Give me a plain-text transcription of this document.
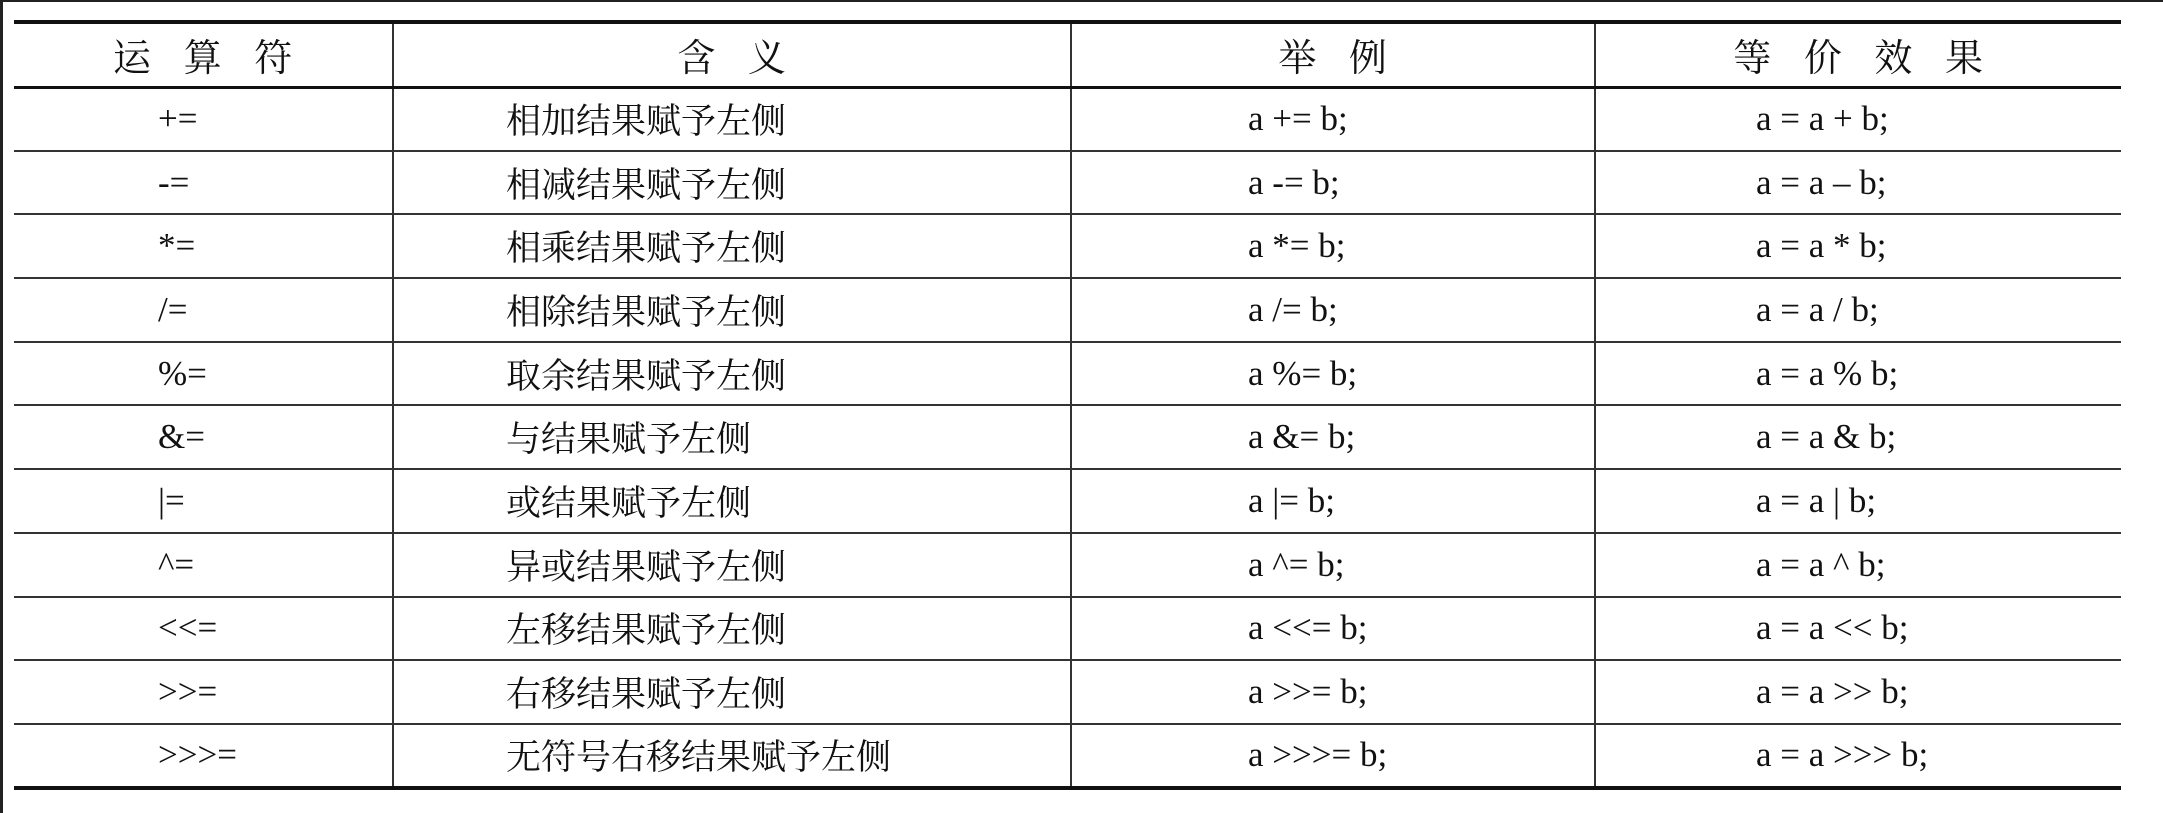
运 算 符	含 义	举 例	等 价 效 果
+=	相加结果赋予左侧	a += b;	a = a + b;
-=	相减结果赋予左侧	a -= b;	a = a – b;
*=	相乘结果赋予左侧	a *= b;	a = a * b;
/=	相除结果赋予左侧	a /= b;	a = a / b;
%=	取余结果赋予左侧	a %= b;	a = a % b;
&=	与结果赋予左侧	a &= b;	a = a & b;
|=	或结果赋予左侧	a |= b;	a = a | b;
^=	异或结果赋予左侧	a ^= b;	a = a ^ b;
<<=	左移结果赋予左侧	a <<= b;	a = a << b;
>>=	右移结果赋予左侧	a >>= b;	a = a >> b;
>>>=	无符号右移结果赋予左侧	a >>>= b;	a = a >>> b;
